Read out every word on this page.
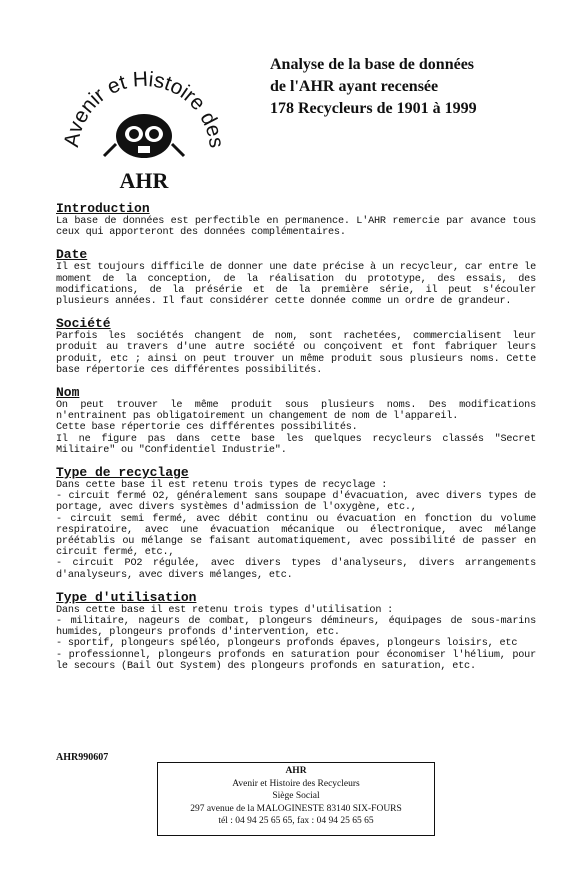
Avenir et Histoire des
AHR
Analyse de la base de données
de l'AHR ayant recensée
178 Recycleurs de 1901 à 1999
Introduction

La base de données est perfectible en permanence. L'AHR remercie par avance tous ceux qui apporteront des données complémentaires.

Date

Il est toujours difficile de donner une date précise à un recycleur, car entre le moment de la conception, de la réalisation du prototype, des essais, des modifications, de la présérie et de la première série, il peut s'écouler plusieurs années. Il faut considérer cette donnée comme un ordre de grandeur.

Société

Parfois les sociétés changent de nom, sont rachetées, commercialisent leur produit au travers d'une autre société ou conçoivent et font fabriquer leurs produit, etc ; ainsi on peut trouver un même produit sous plusieurs noms. Cette base répertorie ces différentes possibilités.

Nom

On peut trouver le même produit sous plusieurs noms. Des modifications n'entrainent pas obligatoirement un changement de nom de l'appareil.

Cette base répertorie ces différentes possibilités.

Il ne figure pas dans cette base les quelques recycleurs classés "Secret Militaire" ou "Confidentiel Industrie".

Type de recyclage

Dans cette base il est retenu trois types de recyclage :

- circuit fermé O2, généralement sans soupape d'évacuation, avec divers types de portage, avec divers systèmes d'admission de l'oxygène, etc.,

- circuit semi fermé, avec débit continu ou évacuation en fonction du volume respiratoire, avec une évacuation mécanique ou électronique, avec mélange préétablis ou mélange se faisant automatiquement, avec possibilité de passer en circuit fermé, etc.,

- circuit PO2 régulée, avec divers types d'analyseurs, divers arrangements d'analyseurs, avec divers mélanges, etc.

Type d'utilisation

Dans cette base il est retenu trois types d'utilisation :

- militaire, nageurs de combat, plongeurs démineurs, équipages de sous-marins humides, plongeurs profonds d'intervention, etc.

- sportif, plongeurs spéléo, plongeurs profonds épaves, plongeurs loisirs, etc

- professionnel, plongeurs profonds en saturation pour économiser l'hélium, pour le secours (Bail Out System) des plongeurs profonds en saturation, etc.

AHR990607
AHR
Avenir et Histoire des Recycleurs
Siège Social
297 avenue de la MALOGINESTE 83140 SIX-FOURS
tél : 04 94 25 65 65, fax : 04 94 25 65 65
